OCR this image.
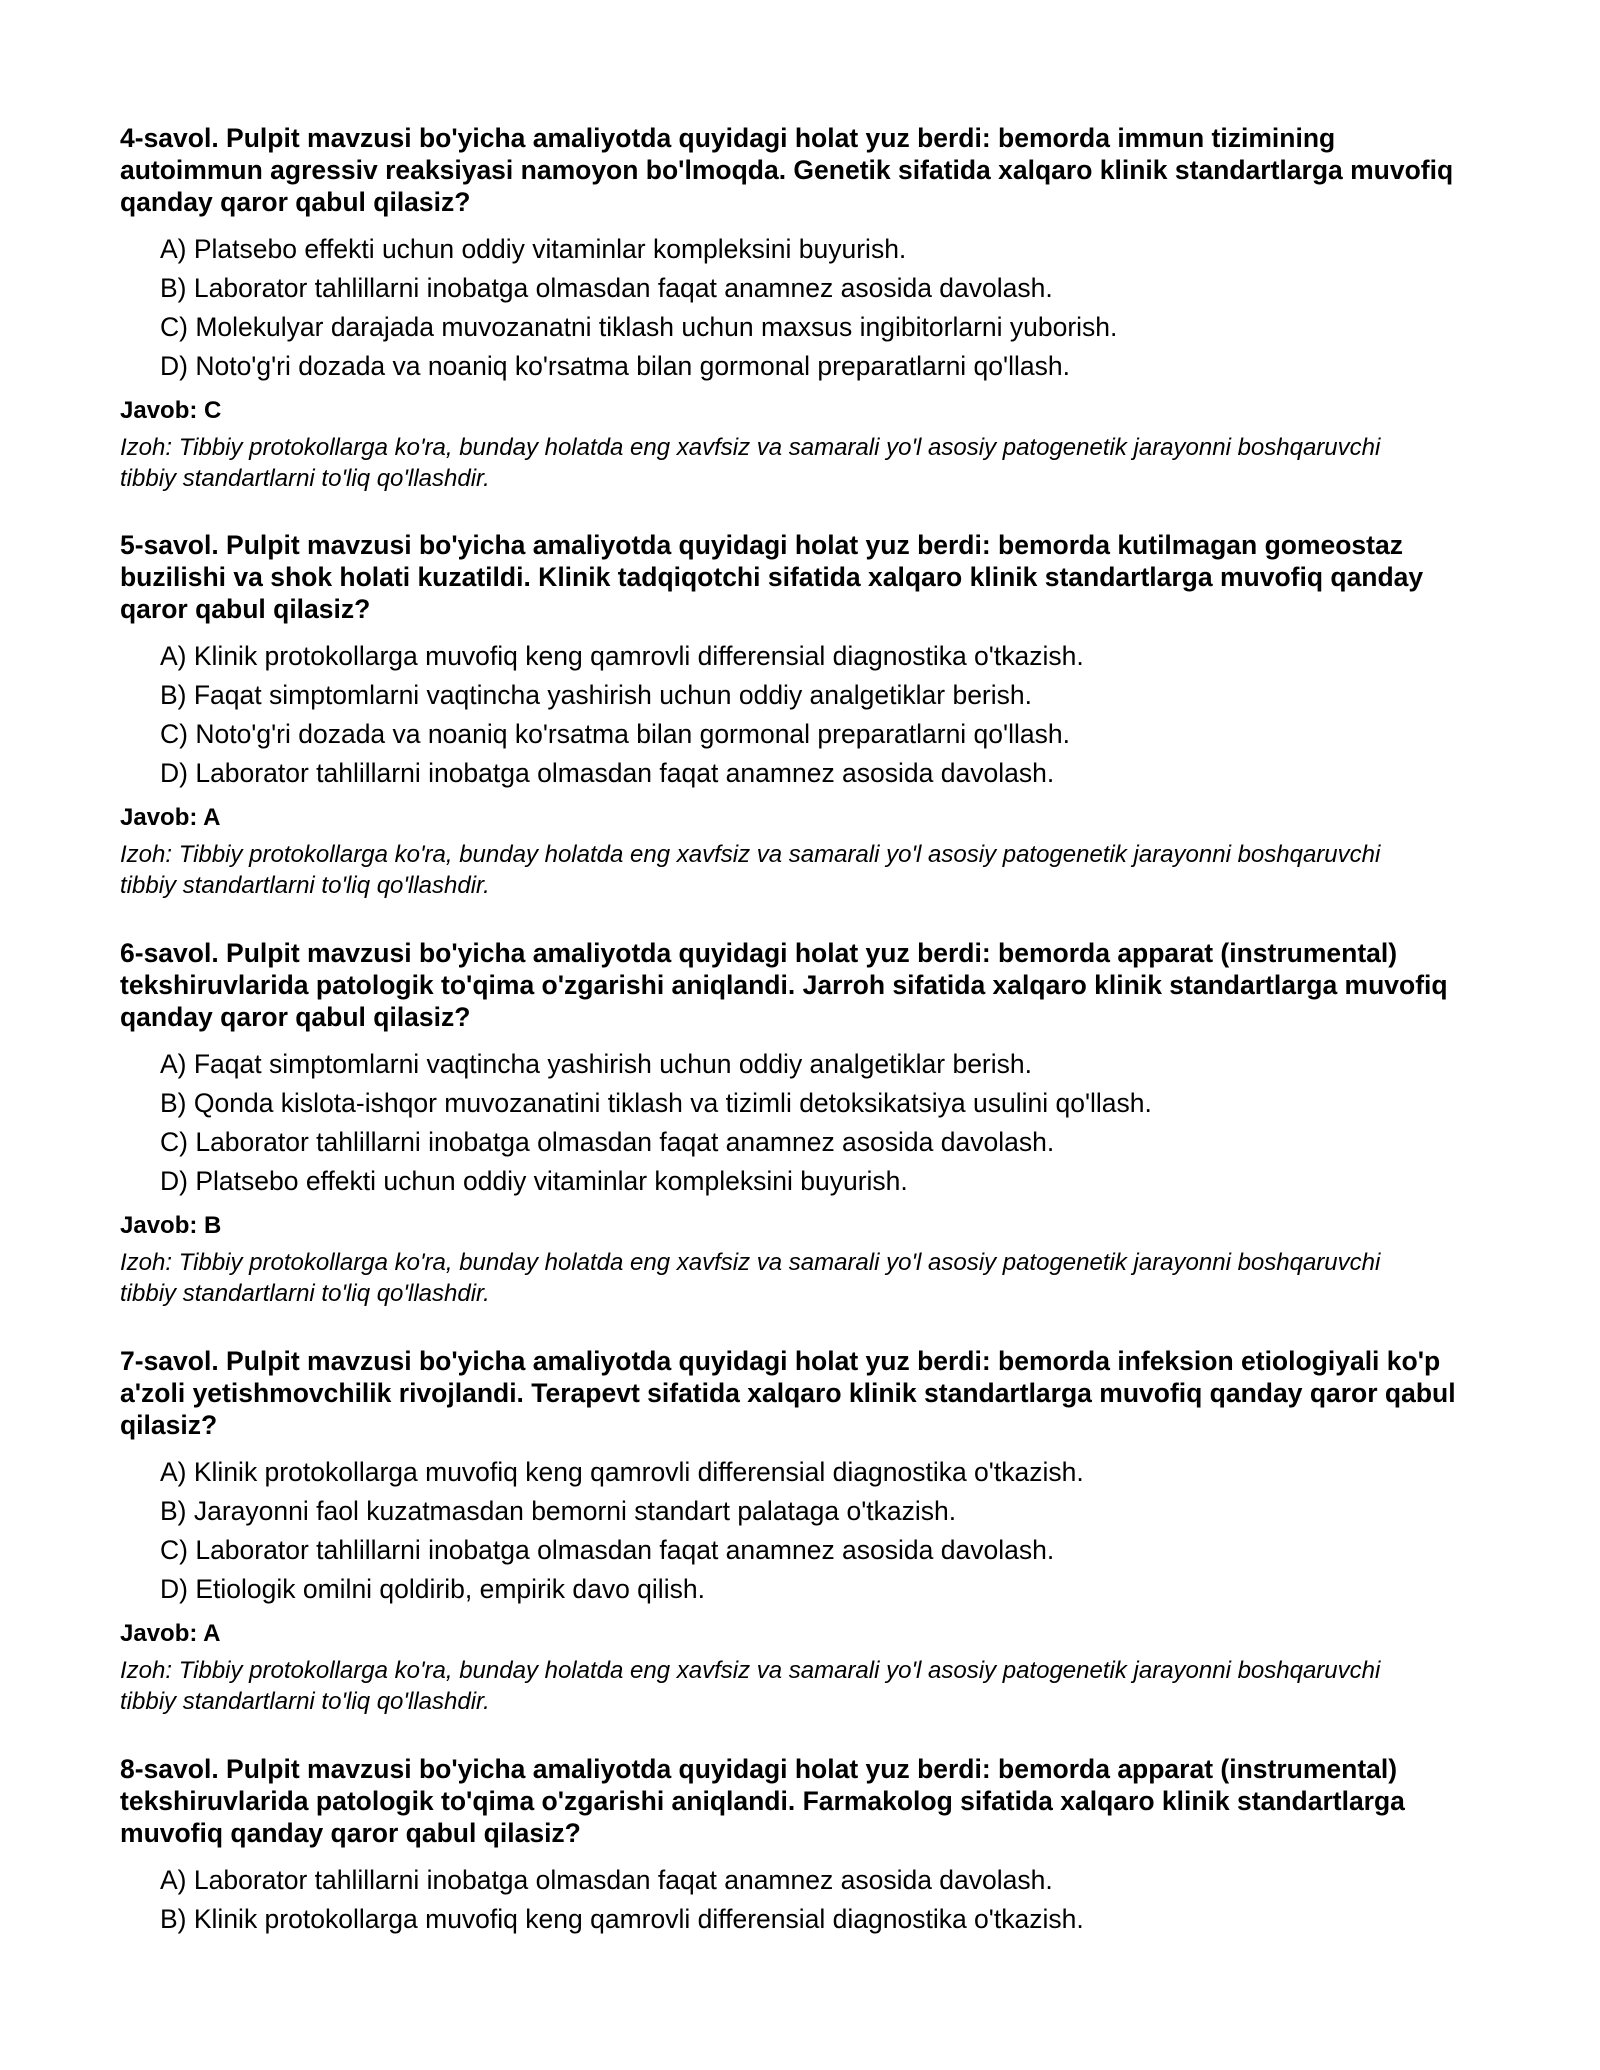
4-savol. Pulpit mavzusi bo'yicha amaliyotda quyidagi holat yuz berdi: bemorda immun tizimining autoimmun agressiv reaksiyasi namoyon bo'lmoqda. Genetik sifatida xalqaro klinik standartlarga muvofiq qanday qaror qabul qilasiz?

A) Platsebo effekti uchun oddiy vitaminlar kompleksini buyurish.
B) Laborator tahlillarni inobatga olmasdan faqat anamnez asosida davolash.
C) Molekulyar darajada muvozanatni tiklash uchun maxsus ingibitorlarni yuborish.
D) Noto'g'ri dozada va noaniq ko'rsatma bilan gormonal preparatlarni qo'llash.

Javob: C

Izoh: Tibbiy protokollarga ko'ra, bunday holatda eng xavfsiz va samarali yo'l asosiy patogenetik jarayonni boshqaruvchi tibbiy standartlarni to'liq qo'llashdir.

5-savol. Pulpit mavzusi bo'yicha amaliyotda quyidagi holat yuz berdi: bemorda kutilmagan gomeostaz buzilishi va shok holati kuzatildi. Klinik tadqiqotchi sifatida xalqaro klinik standartlarga muvofiq qanday qaror qabul qilasiz?

A) Klinik protokollarga muvofiq keng qamrovli differensial diagnostika o'tkazish.
B) Faqat simptomlarni vaqtincha yashirish uchun oddiy analgetiklar berish.
C) Noto'g'ri dozada va noaniq ko'rsatma bilan gormonal preparatlarni qo'llash.
D) Laborator tahlillarni inobatga olmasdan faqat anamnez asosida davolash.

Javob: A

Izoh: Tibbiy protokollarga ko'ra, bunday holatda eng xavfsiz va samarali yo'l asosiy patogenetik jarayonni boshqaruvchi tibbiy standartlarni to'liq qo'llashdir.

6-savol. Pulpit mavzusi bo'yicha amaliyotda quyidagi holat yuz berdi: bemorda apparat (instrumental) tekshiruvlarida patologik to'qima o'zgarishi aniqlandi. Jarroh sifatida xalqaro klinik standartlarga muvofiq qanday qaror qabul qilasiz?

A) Faqat simptomlarni vaqtincha yashirish uchun oddiy analgetiklar berish.
B) Qonda kislota-ishqor muvozanatini tiklash va tizimli detoksikatsiya usulini qo'llash.
C) Laborator tahlillarni inobatga olmasdan faqat anamnez asosida davolash.
D) Platsebo effekti uchun oddiy vitaminlar kompleksini buyurish.

Javob: B

Izoh: Tibbiy protokollarga ko'ra, bunday holatda eng xavfsiz va samarali yo'l asosiy patogenetik jarayonni boshqaruvchi tibbiy standartlarni to'liq qo'llashdir.

7-savol. Pulpit mavzusi bo'yicha amaliyotda quyidagi holat yuz berdi: bemorda infeksion etiologiyali ko'p a'zoli yetishmovchilik rivojlandi. Terapevt sifatida xalqaro klinik standartlarga muvofiq qanday qaror qabul qilasiz?

A) Klinik protokollarga muvofiq keng qamrovli differensial diagnostika o'tkazish.
B) Jarayonni faol kuzatmasdan bemorni standart palataga o'tkazish.
C) Laborator tahlillarni inobatga olmasdan faqat anamnez asosida davolash.
D) Etiologik omilni qoldirib, empirik davo qilish.

Javob: A

Izoh: Tibbiy protokollarga ko'ra, bunday holatda eng xavfsiz va samarali yo'l asosiy patogenetik jarayonni boshqaruvchi tibbiy standartlarni to'liq qo'llashdir.

8-savol. Pulpit mavzusi bo'yicha amaliyotda quyidagi holat yuz berdi: bemorda apparat (instrumental) tekshiruvlarida patologik to'qima o'zgarishi aniqlandi. Farmakolog sifatida xalqaro klinik standartlarga muvofiq qanday qaror qabul qilasiz?

A) Laborator tahlillarni inobatga olmasdan faqat anamnez asosida davolash.
B) Klinik protokollarga muvofiq keng qamrovli differensial diagnostika o'tkazish.
